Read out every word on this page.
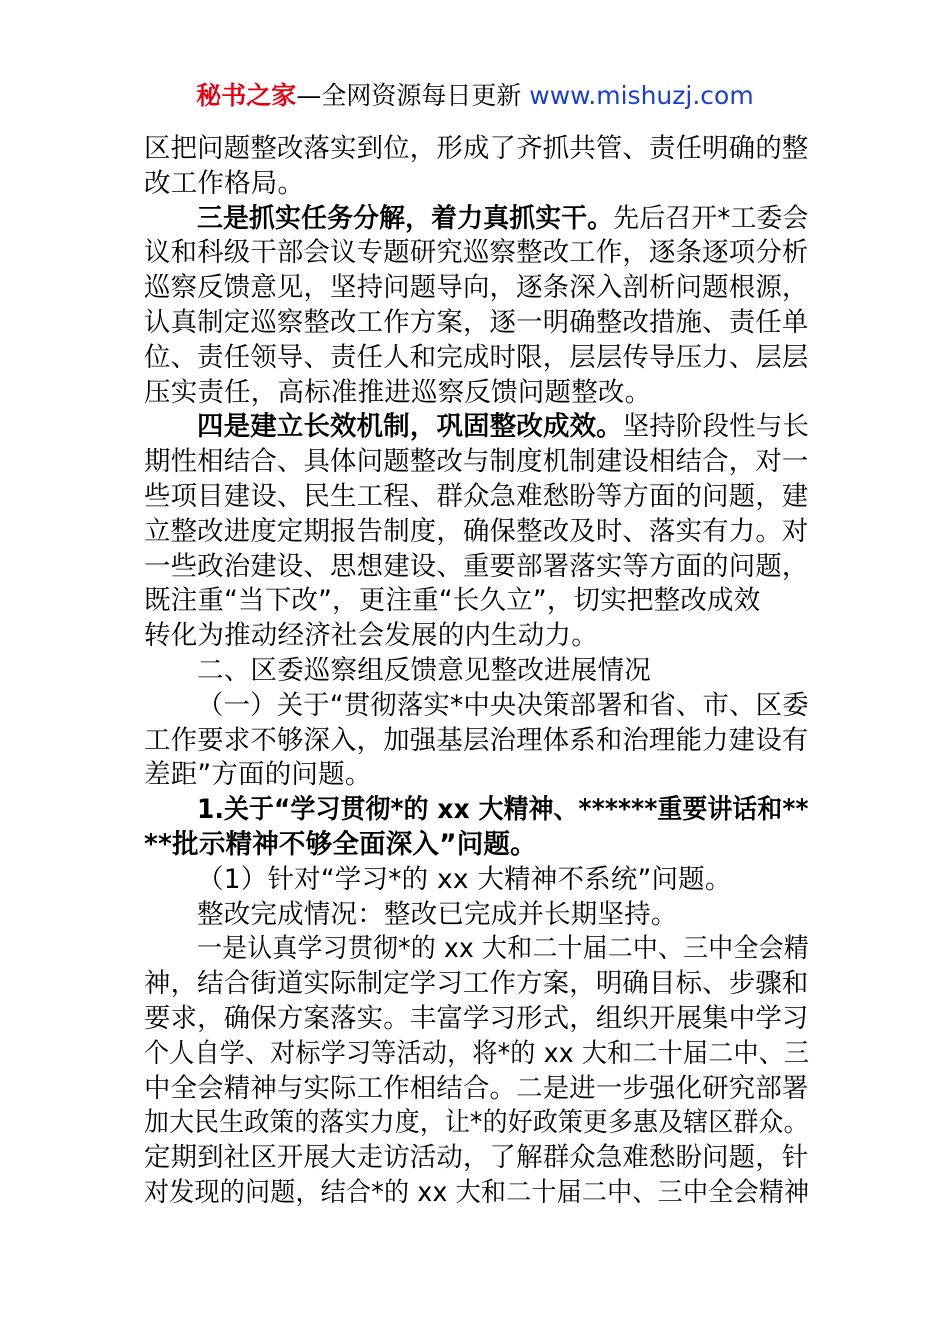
秘书之家—全网资源每日更新 www.mishuzj.com
区把问题整改落实到位，形成了齐抓共管、责任明确的整
改工作格局。
三是抓实任务分解，着力真抓实干。先后召开*工委会
议和科级干部会议专题研究巡察整改工作，逐条逐项分析
巡察反馈意见，坚持问题导向，逐条深入剖析问题根源，
认真制定巡察整改工作方案，逐一明确整改措施、责任单
位、责任领导、责任人和完成时限，层层传导压力、层层
压实责任，高标准推进巡察反馈问题整改。
四是建立长效机制，巩固整改成效。坚持阶段性与长
期性相结合、具体问题整改与制度机制建设相结合，对一
些项目建设、民生工程、群众急难愁盼等方面的问题，建
立整改进度定期报告制度，确保整改及时、落实有力。对
一些政治建设、思想建设、重要部署落实等方面的问题，
既注重“当下改”，更注重“长久立”，切实把整改成效
转化为推动经济社会发展的内生动力。
二、区委巡察组反馈意见整改进展情况
（一）关于“贯彻落实*中央决策部署和省、市、区委
工作要求不够深入，加强基层治理体系和治理能力建设有
差距”方面的问题。
1.关于“学习贯彻*的 xx 大精神、******重要讲话和**
**批示精神不够全面深入”问题。
（1）针对“学习*的 xx 大精神不系统”问题。
整改完成情况：整改已完成并长期坚持。
一是认真学习贯彻*的 xx 大和二十届二中、三中全会精
神，结合街道实际制定学习工作方案，明确目标、步骤和
要求，确保方案落实。丰富学习形式，组织开展集中学习
个人自学、对标学习等活动，将*的 xx 大和二十届二中、三
中全会精神与实际工作相结合。二是进一步强化研究部署
加大民生政策的落实力度，让*的好政策更多惠及辖区群众。
定期到社区开展大走访活动，了解群众急难愁盼问题，针
对发现的问题，结合*的 xx 大和二十届二中、三中全会精神
